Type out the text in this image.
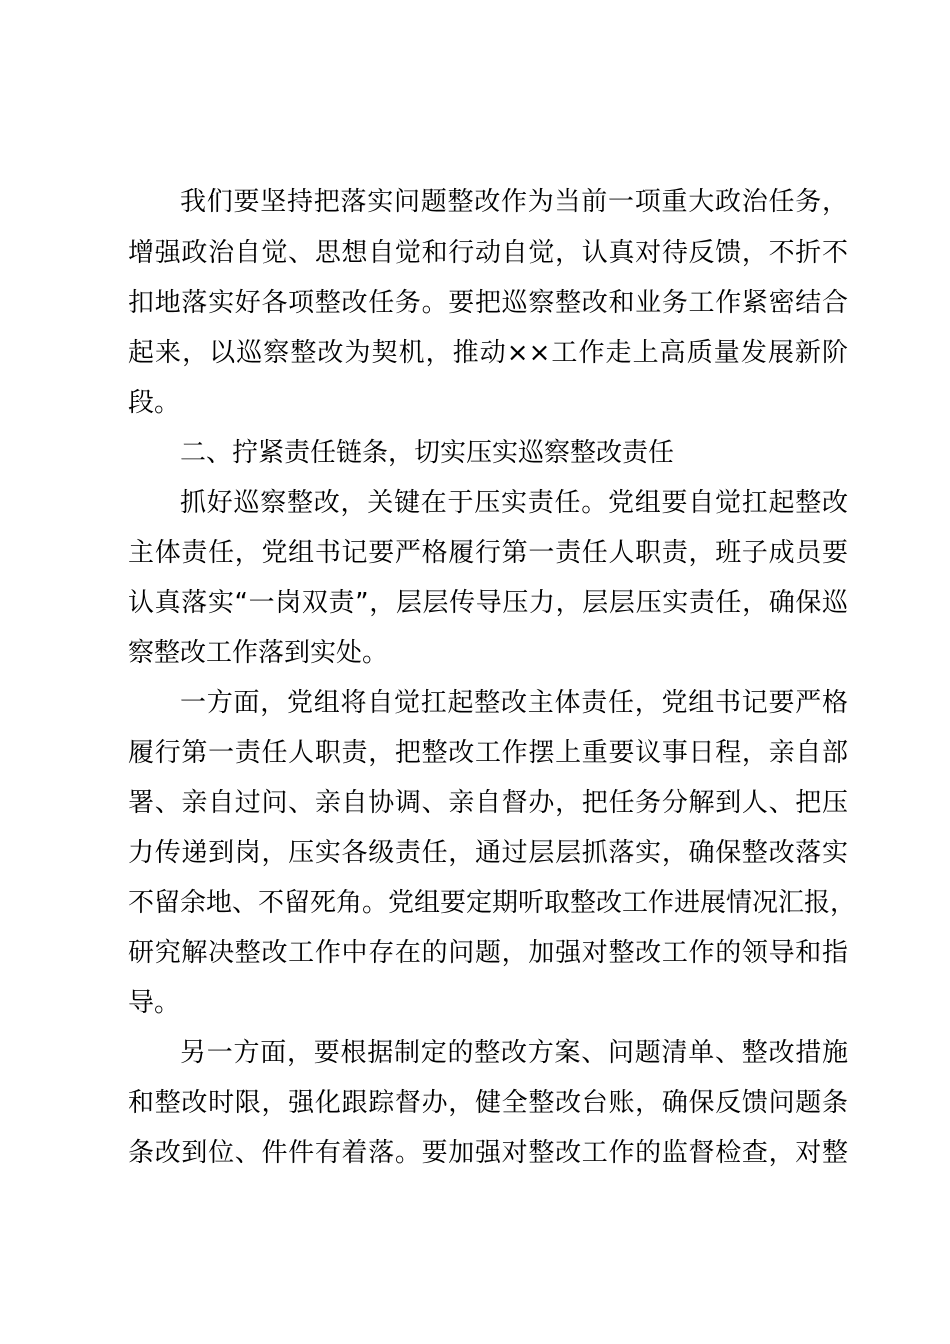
我们要坚持把落实问题整改作为当前一项重大政治任务，
增强政治自觉、思想自觉和行动自觉，认真对待反馈，不折不
扣地落实好各项整改任务。要把巡察整改和业务工作紧密结合
起来，以巡察整改为契机，推动××工作走上高质量发展新阶
段。
二、拧紧责任链条，切实压实巡察整改责任
抓好巡察整改，关键在于压实责任。党组要自觉扛起整改
主体责任，党组书记要严格履行第一责任人职责，班子成员要
认真落实“一岗双责”，层层传导压力，层层压实责任，确保巡
察整改工作落到实处。
一方面，党组将自觉扛起整改主体责任，党组书记要严格
履行第一责任人职责，把整改工作摆上重要议事日程，亲自部
署、亲自过问、亲自协调、亲自督办，把任务分解到人、把压
力传递到岗，压实各级责任，通过层层抓落实，确保整改落实
不留余地、不留死角。党组要定期听取整改工作进展情况汇报，
研究解决整改工作中存在的问题，加强对整改工作的领导和指
导。
另一方面，要根据制定的整改方案、问题清单、整改措施
和整改时限，强化跟踪督办，健全整改台账，确保反馈问题条
条改到位、件件有着落。要加强对整改工作的监督检查，对整
